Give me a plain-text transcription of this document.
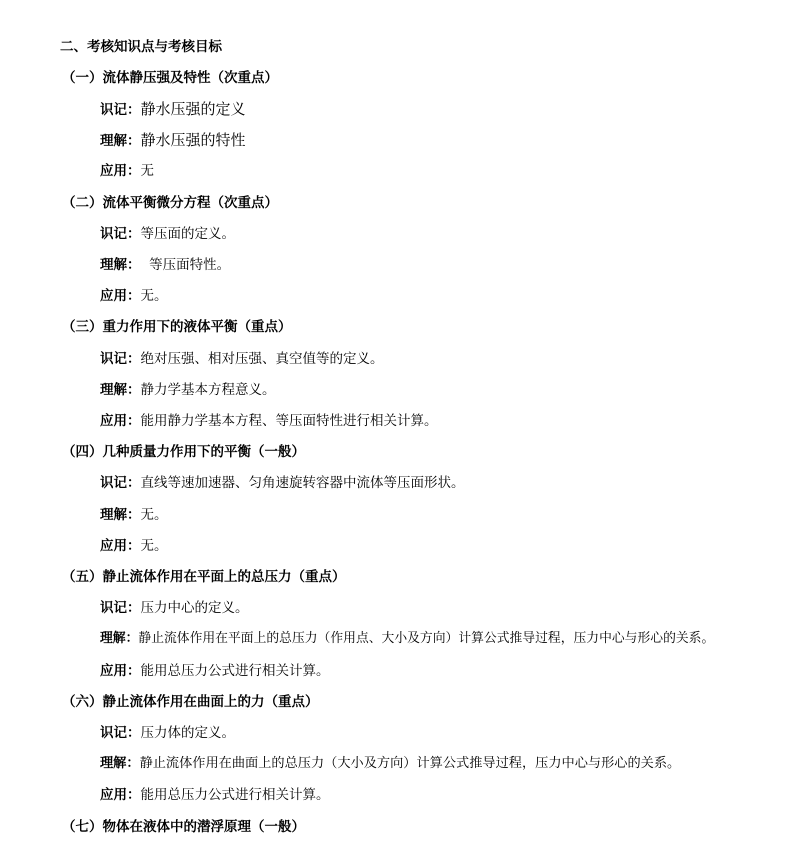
二、考核知识点与考核目标
（一）流体静压强及特性（次重点）
识记：静水压强的定义
理解：静水压强的特性
应用：无
（二）流体平衡微分方程（次重点）
识记：等压面的定义。
理解：  等压面特性。
应用：无。
（三）重力作用下的液体平衡（重点）
识记：绝对压强、相对压强、真空值等的定义。
理解：静力学基本方程意义。
应用：能用静力学基本方程、等压面特性进行相关计算。
（四）几种质量力作用下的平衡（一般）
识记：直线等速加速器、匀角速旋转容器中流体等压面形状。
理解：无。
应用：无。
（五）静止流体作用在平面上的总压力（重点）
识记：压力中心的定义。
理解：静止流体作用在平面上的总压力（作用点、大小及方向）计算公式推导过程，压力中心与形心的关系。
应用：能用总压力公式进行相关计算。
（六）静止流体作用在曲面上的力（重点）
识记：压力体的定义。
理解：静止流体作用在曲面上的总压力（大小及方向）计算公式推导过程，压力中心与形心的关系。
应用：能用总压力公式进行相关计算。
（七）物体在液体中的潜浮原理（一般）
